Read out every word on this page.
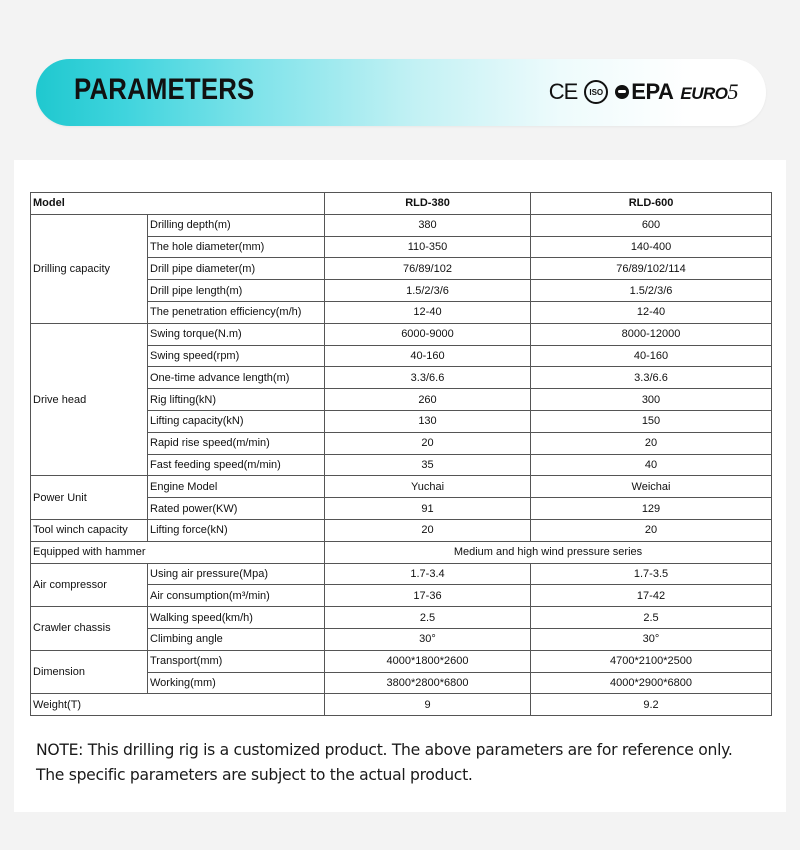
PARAMETERS	CE	ISO EPA EURO5
Model		RLD-380	RLD-600
Drilling capacity	Drilling depth(m)	380	600
	The hole diameter(mm)	110-350	140-400
	Drill pipe diameter(m)	76/89/102	76/89/102/114
	Drill pipe length(m)	1.5/2/3/6	1.5/2/3/6
	The penetration efficiency(m/h)	12-40	12-40
Drive head	Swing torque(N.m)	6000-9000	8000-12000
	Swing speed(rpm)	40-160	40-160
	One-time advance length(m)	3.3/6.6	3.3/6.6
	Rig lifting(kN)	260	300
	Lifting capacity(kN)	130	150
	Rapid rise speed(m/min)	20	20
	Fast feeding speed(m/min)	35	40
Power Unit	Engine Model	Yuchai	Weichai
	Rated power(KW)	91	129
Tool winch capacity	Lifting force(kN)	20	20
Equipped with hammer		Medium and high wind pressure series	
Air compressor	Using air pressure(Mpa)	1.7-3.4	1.7-3.5
	Air consumption(m³/min)	17-36	17-42
Crawler chassis	Walking speed(km/h)	2.5	2.5
	Climbing angle	30°	30°
Dimension	Transport(mm)	4000*1800*2600	4700*2100*2500
	Working(mm)	3800*2800*6800	4000*2900*6800
Weight(T)		9	9.2
NOTE: This drilling rig is a customized product. The above parameters are for reference only.
The specific parameters are subject to the actual product.
